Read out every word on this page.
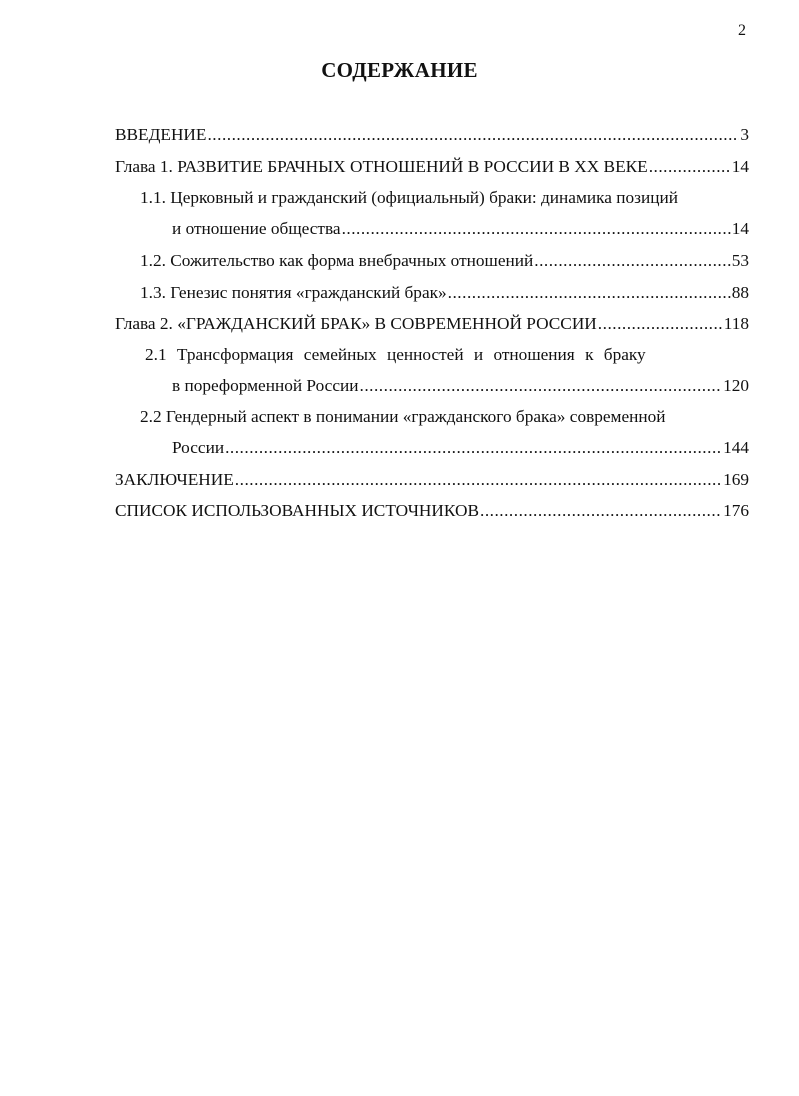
2
СОДЕРЖАНИЕ
ВВЕДЕНИЕ .....	3
Глава 1. РАЗВИТИЕ БРАЧНЫХ ОТНОШЕНИЙ В РОССИИ В ХХ ВЕКЕ .....	14
1.1. Церковный и гражданский (официальный) браки: динамика позиций
и отношение общества .....	14
1.2. Сожительство как форма внебрачных отношений .....	53
1.3. Генезис понятия «гражданский брак» .....	88
Глава 2. «ГРАЖДАНСКИЙ БРАК» В СОВРЕМЕННОЙ РОССИИ .....	118
2.1 Трансформация семейных ценностей и отношения к браку
в пореформенной России .....	120
2.2 Гендерный аспект в понимании «гражданского брака» современной
России .....	144
ЗАКЛЮЧЕНИЕ .....	169
СПИСОК ИСПОЛЬЗОВАННЫХ ИСТОЧНИКОВ .....	176
